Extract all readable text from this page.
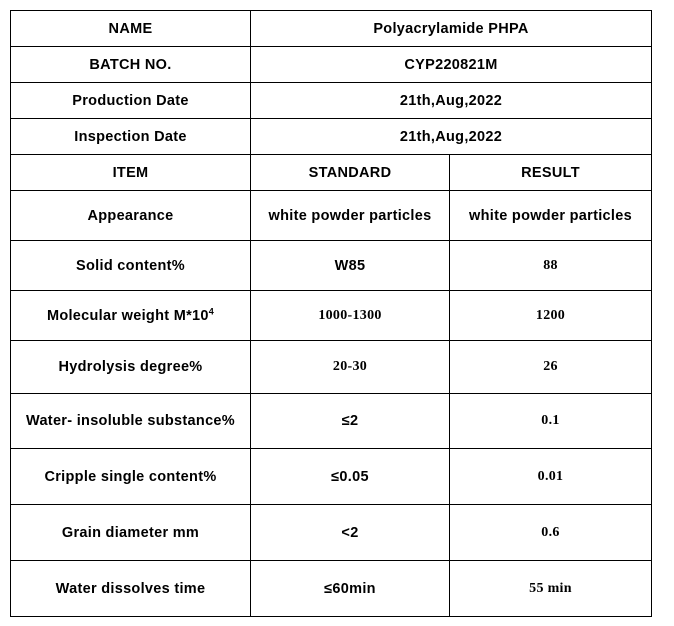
NAME	Polyacrylamide PHPA	
BATCH NO.	CYP220821M	
Production Date	21th,Aug,2022	
Inspection Date	21th,Aug,2022	
ITEM	STANDARD	RESULT
Appearance	white powder particles	white powder particles
Solid content%	W85	88
Molecular weight $M*10^4$	1000-1300	1200
Hydrolysis degree%	20-30	26
Water- insoluble substance%	≤2	0.1
Cripple single content%	≤0.05	0.01
Grain diameter mm	<2	0.6
Water dissolves time	≤60min	55 min
